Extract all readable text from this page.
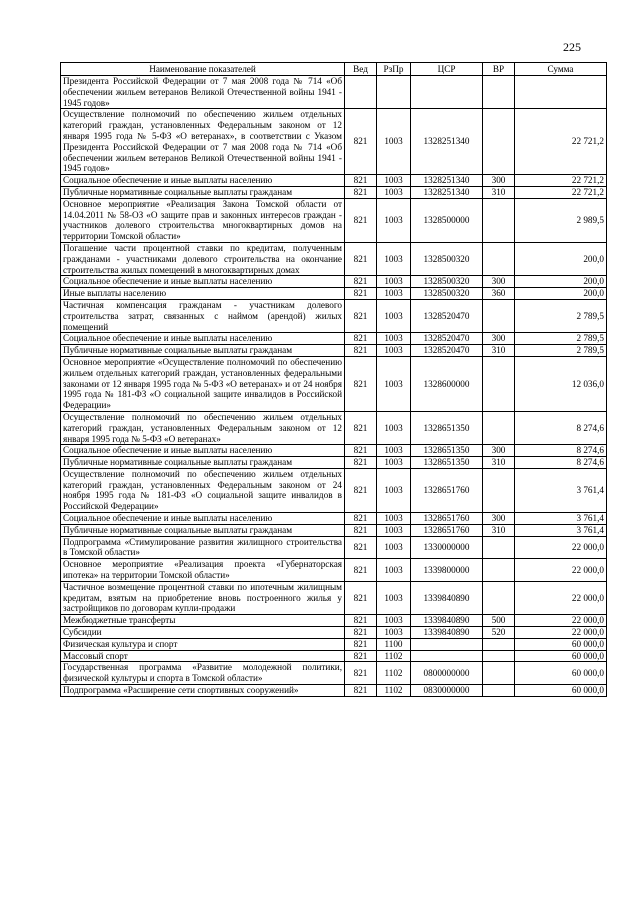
225
Наименование показателей	Вед	РзПр	ЦСР	ВР	Сумма
Президента Российской Федерации от 7 мая 2008 года № 714 «Об обеспечении жильем ветеранов Великой Отечественной войны 1941 - 1945 годов»					
Осуществление полномочий по обеспечению жильем отдельных категорий граждан, установленных Федеральным законом от 12 января 1995 года № 5-ФЗ «О ветеранах», в соответствии с Указом Президента Российской Федерации от 7 мая 2008 года № 714 «Об обеспечении жильем ветеранов Великой Отечественной войны 1941 - 1945 годов»	821	1003	1328251340		22 721,2
Социальное обеспечение и иные выплаты населению	821	1003	1328251340	300	22 721,2
Публичные нормативные социальные выплаты гражданам	821	1003	1328251340	310	22 721,2
Основное мероприятие «Реализация Закона Томской области от 14.04.2011 № 58-ОЗ «О защите прав и законных интересов граждан - участников долевого строительства многоквартирных домов на территории Томской области»	821	1003	1328500000		2 989,5
Погашение части процентной ставки по кредитам, полученным гражданами - участниками долевого строительства на окончание строительства жилых помещений в многоквартирных домах	821	1003	1328500320		200,0
Социальное обеспечение и иные выплаты населению	821	1003	1328500320	300	200,0
Иные выплаты населению	821	1003	1328500320	360	200,0
Частичная компенсация гражданам - участникам долевого строительства затрат, связанных с наймом (арендой) жилых помещений	821	1003	1328520470		2 789,5
Социальное обеспечение и иные выплаты населению	821	1003	1328520470	300	2 789,5
Публичные нормативные социальные выплаты гражданам	821	1003	1328520470	310	2 789,5
Основное мероприятие «Осуществление полномочий по обеспечению жильем отдельных категорий граждан, установленных федеральными законами от 12 января 1995 года № 5-ФЗ «О ветеранах» и от 24 ноября 1995 года № 181-ФЗ «О социальной защите инвалидов в Российской Федерации»	821	1003	1328600000		12 036,0
Осуществление полномочий по обеспечению жильем отдельных категорий граждан, установленных Федеральным законом от 12 января 1995 года № 5-ФЗ «О ветеранах»	821	1003	1328651350		8 274,6
Социальное обеспечение и иные выплаты населению	821	1003	1328651350	300	8 274,6
Публичные нормативные социальные выплаты гражданам	821	1003	1328651350	310	8 274,6
Осуществление полномочий по обеспечению жильем отдельных категорий граждан, установленных Федеральным законом от 24 ноября 1995 года № 181-ФЗ «О социальной защите инвалидов в Российской Федерации»	821	1003	1328651760		3 761,4
Социальное обеспечение и иные выплаты населению	821	1003	1328651760	300	3 761,4
Публичные нормативные социальные выплаты гражданам	821	1003	1328651760	310	3 761,4
Подпрограмма «Стимулирование развития жилищного строительства в Томской области»	821	1003	1330000000		22 000,0
Основное мероприятие «Реализация проекта «Губернаторская ипотека» на территории Томской области»	821	1003	1339800000		22 000,0
Частичное возмещение процентной ставки по ипотечным жилищным кредитам, взятым на приобретение вновь построенного жилья у застройщиков по договорам купли-продажи	821	1003	1339840890		22 000,0
Межбюджетные трансферты	821	1003	1339840890	500	22 000,0
Субсидии	821	1003	1339840890	520	22 000,0
Физическая культура и спорт	821	1100			60 000,0
Массовый спорт	821	1102			60 000,0
Государственная программа «Развитие молодежной политики, физической культуры и спорта в Томской области»	821	1102	0800000000		60 000,0
Подпрограмма «Расширение сети спортивных сооружений»	821	1102	0830000000		60 000,0
